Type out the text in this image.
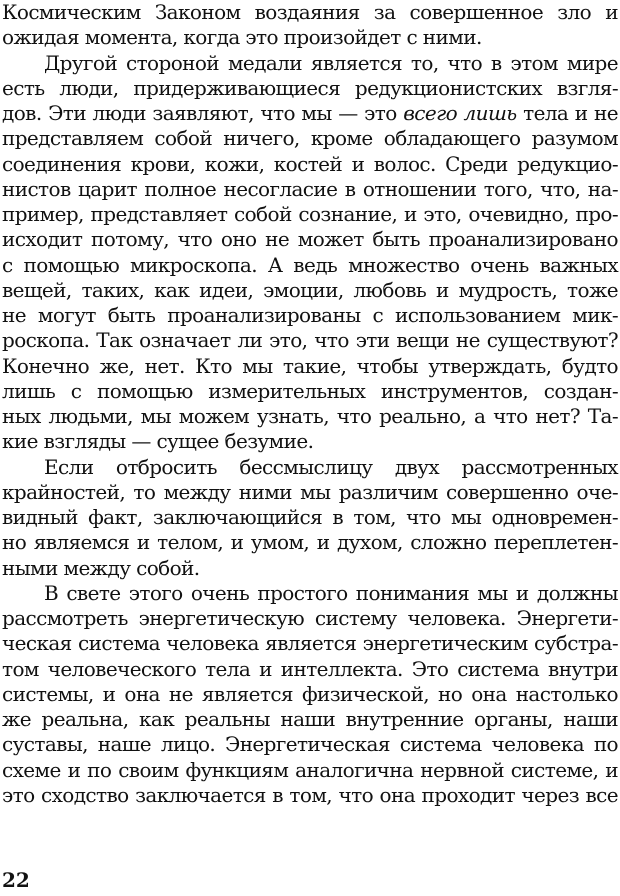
Космическим Законом воздаяния за совершенное зло и
ожидая момента, когда это произойдет с ними.
Другой стороной медали является то, что в этом мире
есть люди, придерживающиеся редукционистских взгля-
дов. Эти люди заявляют, что мы — это всего лишь тела и не
представляем собой ничего, кроме обладающего разумом
соединения крови, кожи, костей и волос. Среди редукцио-
нистов царит полное несогласие в отношении того, что, на-
пример, представляет собой сознание, и это, очевидно, про-
исходит потому, что оно не может быть проанализировано
с помощью микроскопа. А ведь множество очень важных
вещей, таких, как идеи, эмоции, любовь и мудрость, тоже
не могут быть проанализированы с использованием мик-
роскопа. Так означает ли это, что эти вещи не существуют?
Конечно же, нет. Кто мы такие, чтобы утверждать, будто
лишь с помощью измерительных инструментов, создан-
ных людьми, мы можем узнать, что реально, а что нет? Та-
кие взгляды — сущее безумие.
Если отбросить бессмыслицу двух рассмотренных
крайностей, то между ними мы различим совершенно оче-
видный факт, заключающийся в том, что мы одновремен-
но являемся и телом, и умом, и духом, сложно переплетен-
ными между собой.
В свете этого очень простого понимания мы и должны
рассмотреть энергетическую систему человека. Энергети-
ческая система человека является энергетическим субстра-
том человеческого тела и интеллекта. Это система внутри
системы, и она не является физической, но она настолько
же реальна, как реальны наши внутренние органы, наши
суставы, наше лицо. Энергетическая система человека по
схеме и по своим функциям аналогична нервной системе, и
это сходство заключается в том, что она проходит через все
22
